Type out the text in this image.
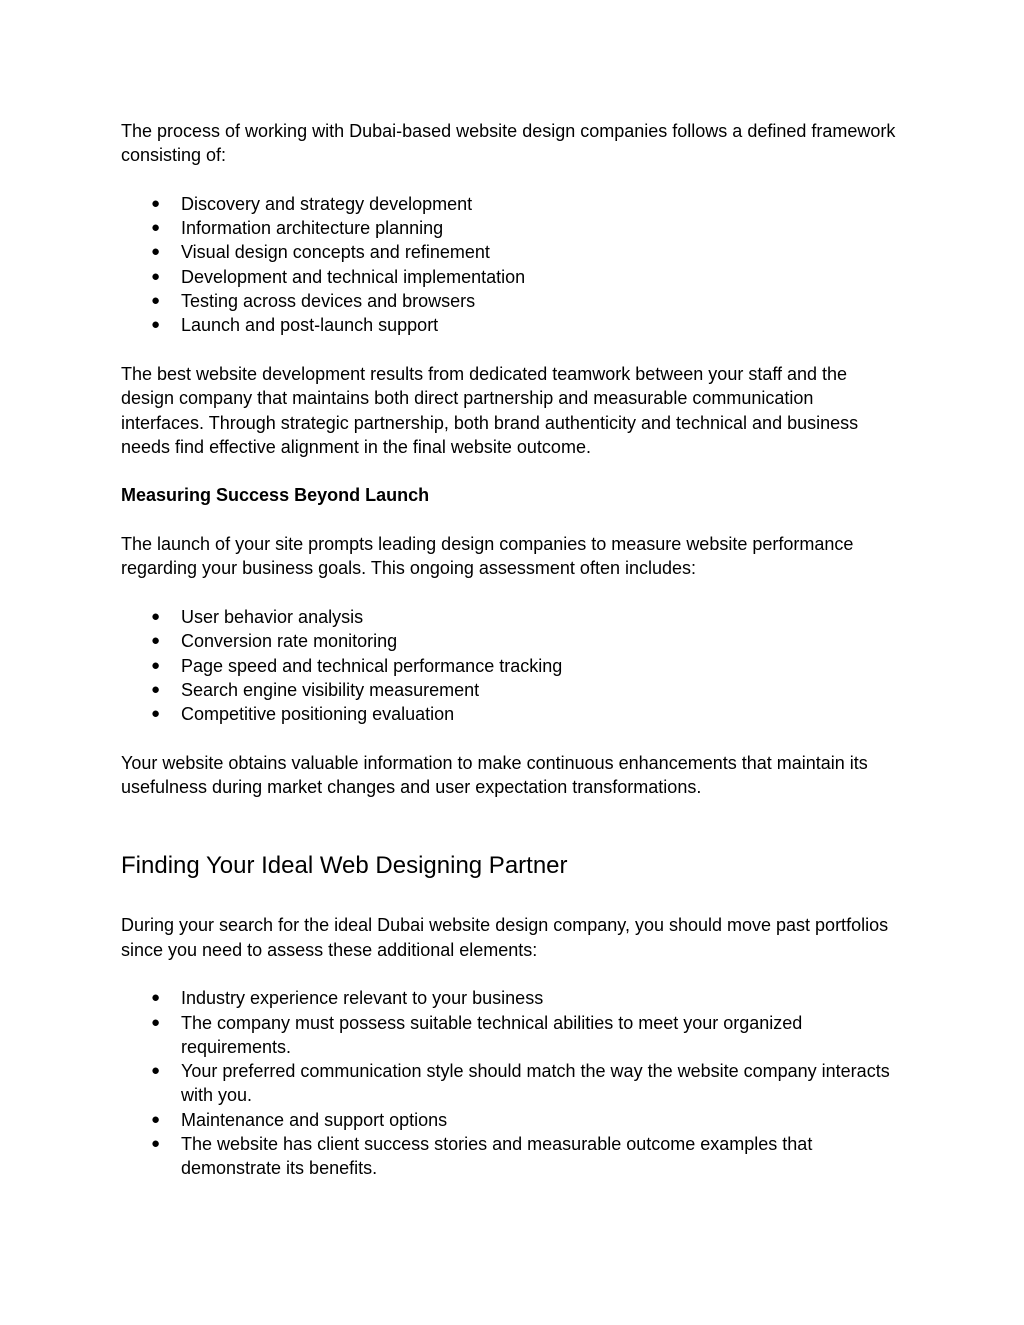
The process of working with Dubai-based website design companies follows a defined framework consisting of:

● Discovery and strategy development
● Information architecture planning
● Visual design concepts and refinement
● Development and technical implementation
● Testing across devices and browsers
● Launch and post-launch support

The best website development results from dedicated teamwork between your staff and the design company that maintains both direct partnership and measurable communication interfaces. Through strategic partnership, both brand authenticity and technical and business needs find effective alignment in the final website outcome.

Measuring Success Beyond Launch

The launch of your site prompts leading design companies to measure website performance regarding your business goals. This ongoing assessment often includes:

● User behavior analysis
● Conversion rate monitoring
● Page speed and technical performance tracking
● Search engine visibility measurement
● Competitive positioning evaluation

Your website obtains valuable information to make continuous enhancements that maintain its usefulness during market changes and user expectation transformations.

Finding Your Ideal Web Designing Partner

During your search for the ideal Dubai website design company, you should move past portfolios since you need to assess these additional elements:

● Industry experience relevant to your business
● The company must possess suitable technical abilities to meet your organized requirements.
● Your preferred communication style should match the way the website company interacts with you.
● Maintenance and support options
● The website has client success stories and measurable outcome examples that demonstrate its benefits.
